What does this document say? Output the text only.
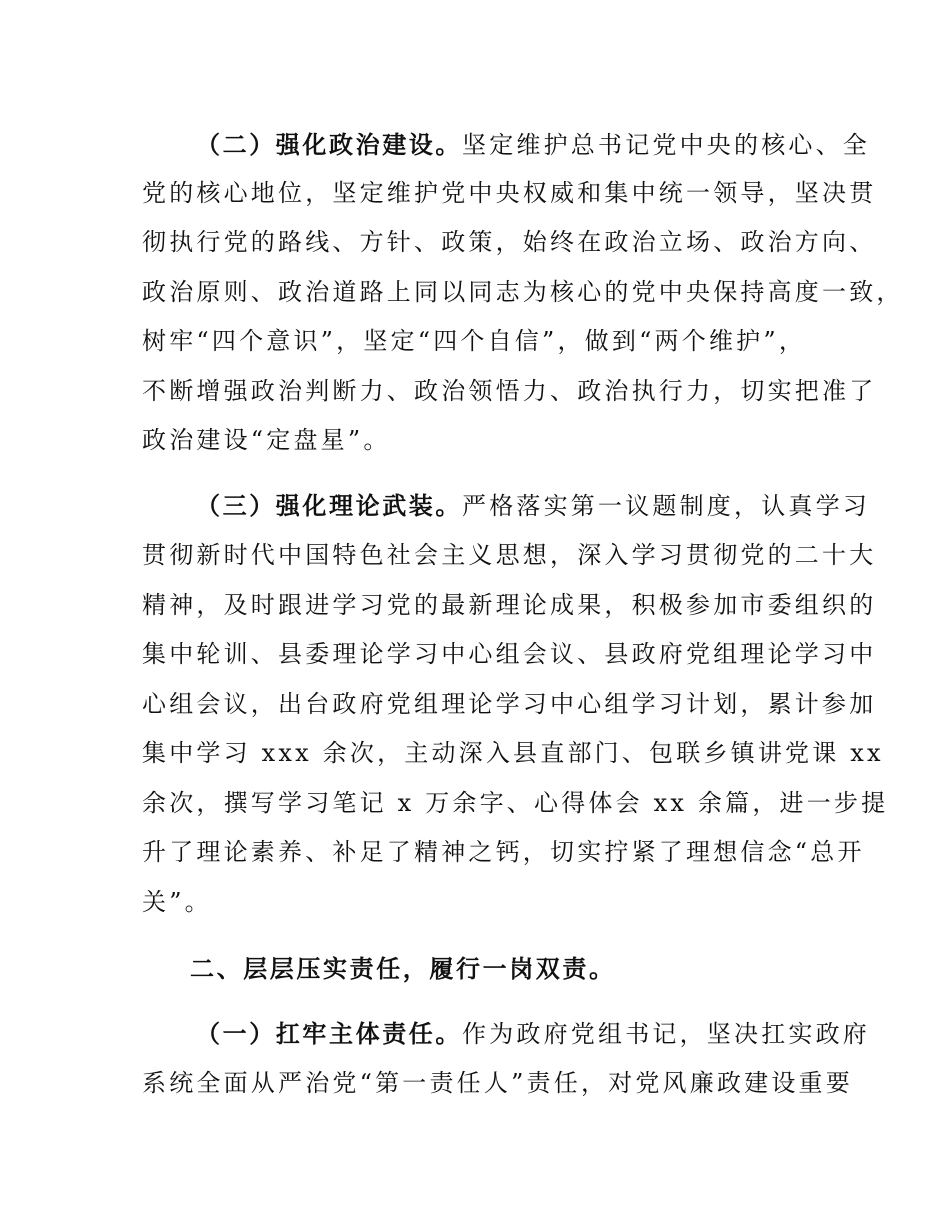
（二）强化政治建设。坚定维护总书记党中央的核心、全
党的核心地位，坚定维护党中央权威和集中统一领导，坚决贯
彻执行党的路线、方针、政策，始终在政治立场、政治方向、
政治原则、政治道路上同以同志为核心的党中央保持高度一致，
树牢“四个意识”，坚定“四个自信”，做到“两个维护”，
不断增强政治判断力、政治领悟力、政治执行力，切实把准了
政治建设“定盘星”。
（三）强化理论武装。严格落实第一议题制度，认真学习
贯彻新时代中国特色社会主义思想，深入学习贯彻党的二十大
精神，及时跟进学习党的最新理论成果，积极参加市委组织的
集中轮训、县委理论学习中心组会议、县政府党组理论学习中
心组会议，出台政府党组理论学习中心组学习计划，累计参加
集中学习 xxx 余次，主动深入县直部门、包联乡镇讲党课 xx
余次，撰写学习笔记 x 万余字、心得体会 xx 余篇，进一步提
升了理论素养、补足了精神之钙，切实拧紧了理想信念“总开
关”。
二、层层压实责任，履行一岗双责。
（一）扛牢主体责任。作为政府党组书记，坚决扛实政府
系统全面从严治党“第一责任人”责任，对党风廉政建设重要
